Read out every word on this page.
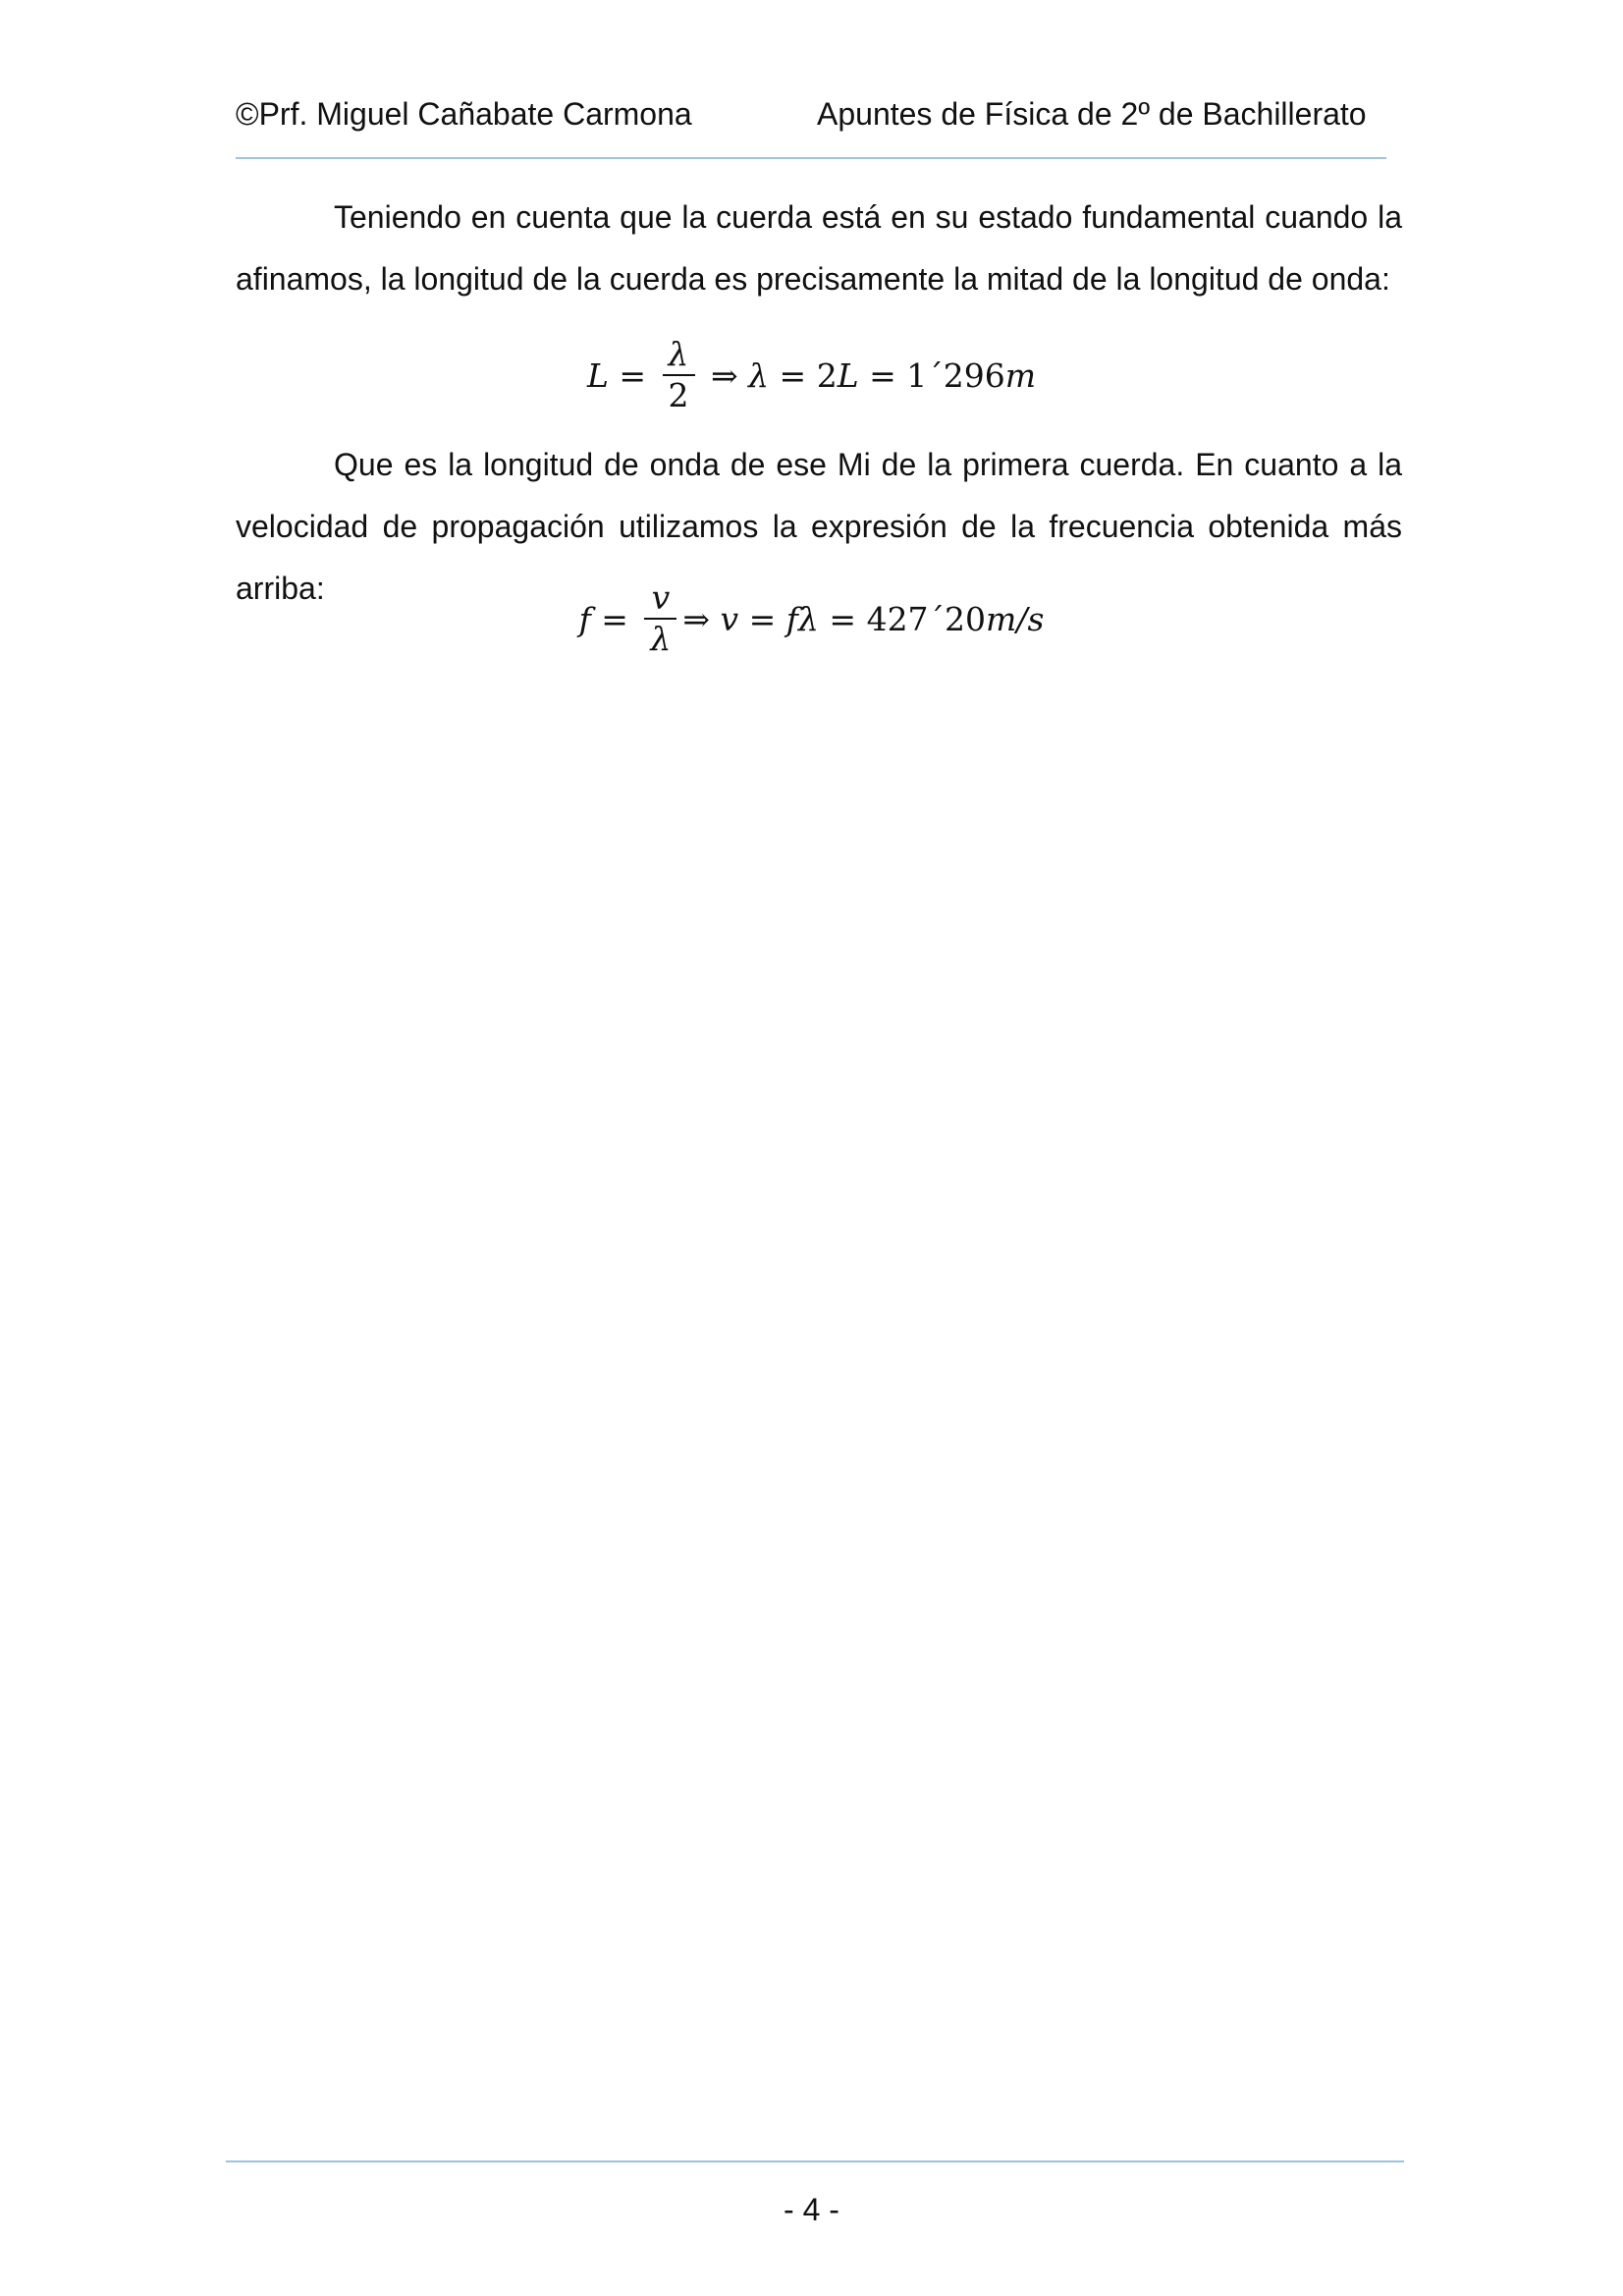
©Prf. Miguel Cañabate Carmona	Apuntes de Física de 2º de Bachillerato

Teniendo en cuenta que la cuerda está en su estado fundamental cuando la afinamos, la longitud de la cuerda es precisamente la mitad de la longitud de onda:

$L = \frac{\lambda}{2}$ ⇒ λ = 2 L = 1´296 m

Que es la longitud de onda de ese Mi de la primera cuerda. En cuanto a la velocidad de propagación utilizamos la expresión de la frecuencia obtenida más arriba:

$f = \frac{v}{\lambda}$ ⇒ v = fλ = 427´20 m/s
- 4 -
